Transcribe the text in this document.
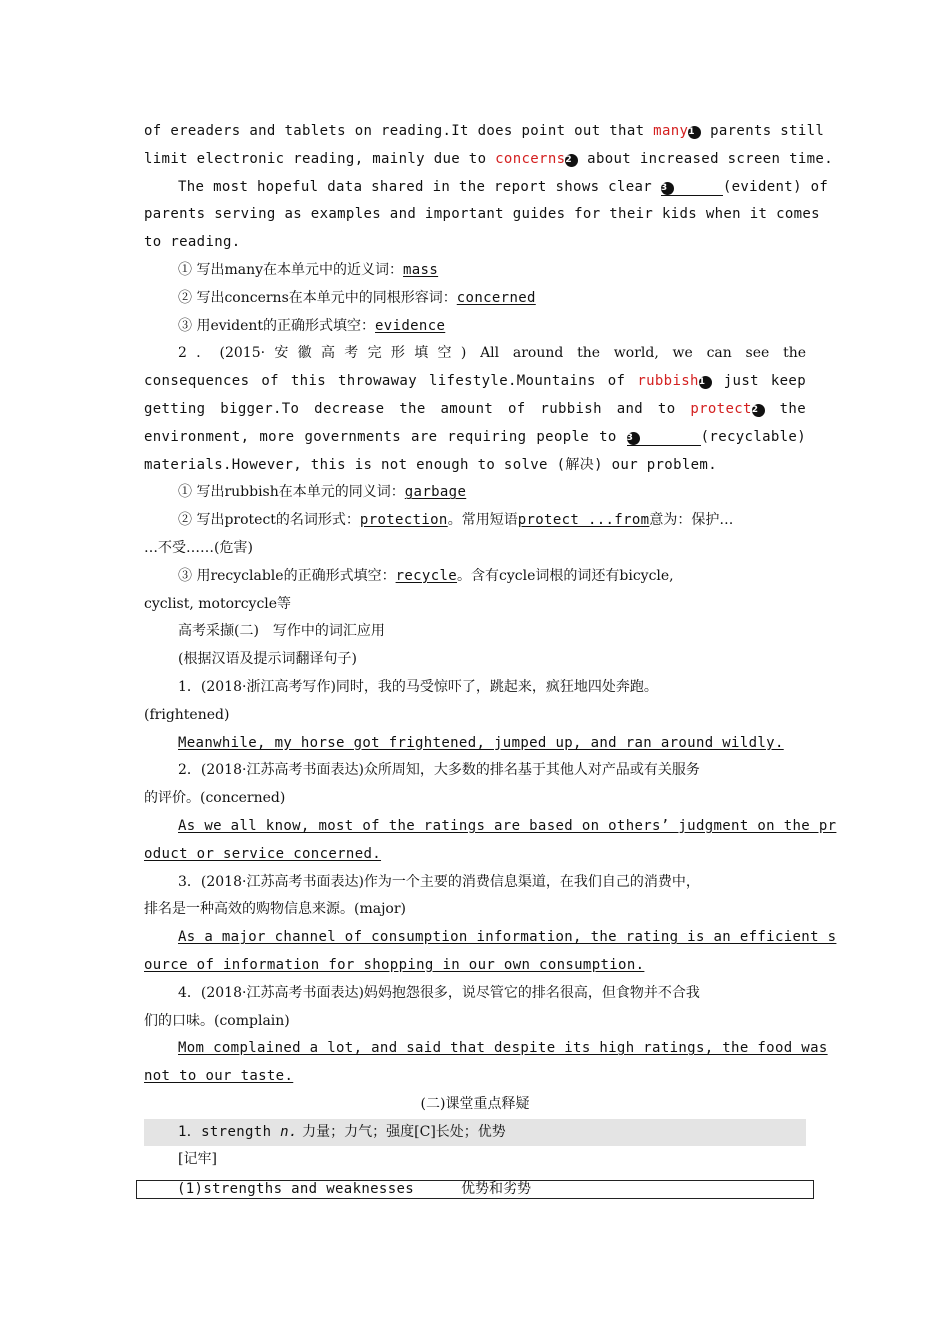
of ereaders and tablets on reading.It does point out that many1 parents still
limit electronic reading, mainly due to concerns2 about increased screen time.
The most hopeful data shared in the report shows clear 3	(evident) of
parents serving as examples and important guides for their kids when it comes
to reading.
① 写出many在本单元中的近义词：mass
② 写出concerns在本单元中的同根形容词：concerned
③ 用evident的正确形式填空：evidence
2．(2015·安徽高考完形填空) All around the world, we can see the
consequences of this throwaway lifestyle.Mountains of rubbish1 just keep
getting bigger.To decrease the amount of rubbish and to protect2 the
environment, more governments are requiring people to 3	(recyclable)
materials.However, this is not enough to solve (解决) our problem.
① 写出rubbish在本单元的同义词：garbage
② 写出protect的名词形式：protection。常用短语protect ...from意为：保护…
…不受……(危害)
③ 用recyclable的正确形式填空：recycle。含有cycle词根的词还有bicycle,
cyclist, motorcycle等
高考采撷(二)　写作中的词汇应用
(根据汉语及提示词翻译句子)
1．(2018·浙江高考写作)同时，我的马受惊吓了，跳起来，疯狂地四处奔跑。
(frightened)
Meanwhile, my horse got frightened, jumped up, and ran around wildly.
2．(2018·江苏高考书面表达)众所周知，大多数的排名基于其他人对产品或有关服务
的评价。(concerned)
As we all know, most of the ratings are based on others’ judgment on the pr
oduct or service concerned.
3．(2018·江苏高考书面表达)作为一个主要的消费信息渠道，在我们自己的消费中，
排名是一种高效的购物信息来源。(major)
As a major channel of consumption information, the rating is an efficient s
ource of information for shopping in our own consumption.
4．(2018·江苏高考书面表达)妈妈抱怨很多，说尽管它的排名很高，但食物并不合我
们的口味。(complain)
Mom complained a lot, and said that despite its high ratings, the food was
not to our taste.
(二)课堂重点释疑
1．strength n. 力量；力气；强度[C]长处；优势
[记牢]
(1)strengths and weaknesses	优势和劣势
